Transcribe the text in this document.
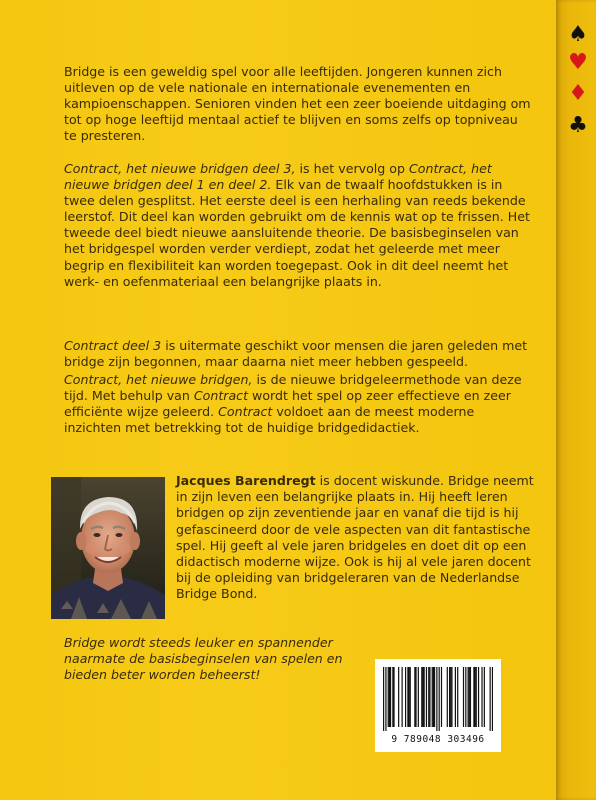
♠
♥
♦
♣

Bridge is een geweldig spel voor alle leeftijden. Jongeren kunnen zich uitleven op de vele nationale en internationale evenementen en kampioenschappen. Senioren vinden het een zeer boeiende uitdaging om tot op hoge leeftijd mentaal actief te blijven en soms zelfs op topniveau te presteren.

Contract, het nieuwe bridgen deel 3, is het vervolg op Contract, het nieuwe bridgen deel 1 en deel 2. Elk van de twaalf hoofdstukken is in twee delen gesplitst. Het eerste deel is een herhaling van reeds bekende leerstof. Dit deel kan worden gebruikt om de kennis wat op te frissen. Het tweede deel biedt nieuwe aansluitende theorie. De basisbeginselen van het bridgespel worden verder verdiept, zodat het geleerde met meer begrip en flexibiliteit kan worden toegepast. Ook in dit deel neemt het werk- en oefenmateriaal een belangrijke plaats in.

Contract deel 3 is uitermate geschikt voor mensen die jaren geleden met bridge zijn begonnen, maar daarna niet meer hebben gespeeld.

Contract, het nieuwe bridgen, is de nieuwe bridgeleermethode van deze tijd. Met behulp van Contract wordt het spel op zeer effectieve en zeer efficiënte wijze geleerd. Contract voldoet aan de meest moderne inzichten met betrekking tot de huidige bridgedidactiek.

Jacques Barendregt is docent wiskunde. Bridge neemt in zijn leven een belangrijke plaats in. Hij heeft leren bridgen op zijn zeventiende jaar en vanaf die tijd is hij gefascineerd door de vele aspecten van dit fantastische spel. Hij geeft al vele jaren bridgeles en doet dit op een didactisch moderne wijze. Ook is hij al vele jaren docent bij de opleiding van bridgeleraren van de Nederlandse Bridge Bond.

Bridge wordt steeds leuker en spannender naarmate de basisbeginselen van spelen en bieden beter worden beheerst!
9 789048 303496
